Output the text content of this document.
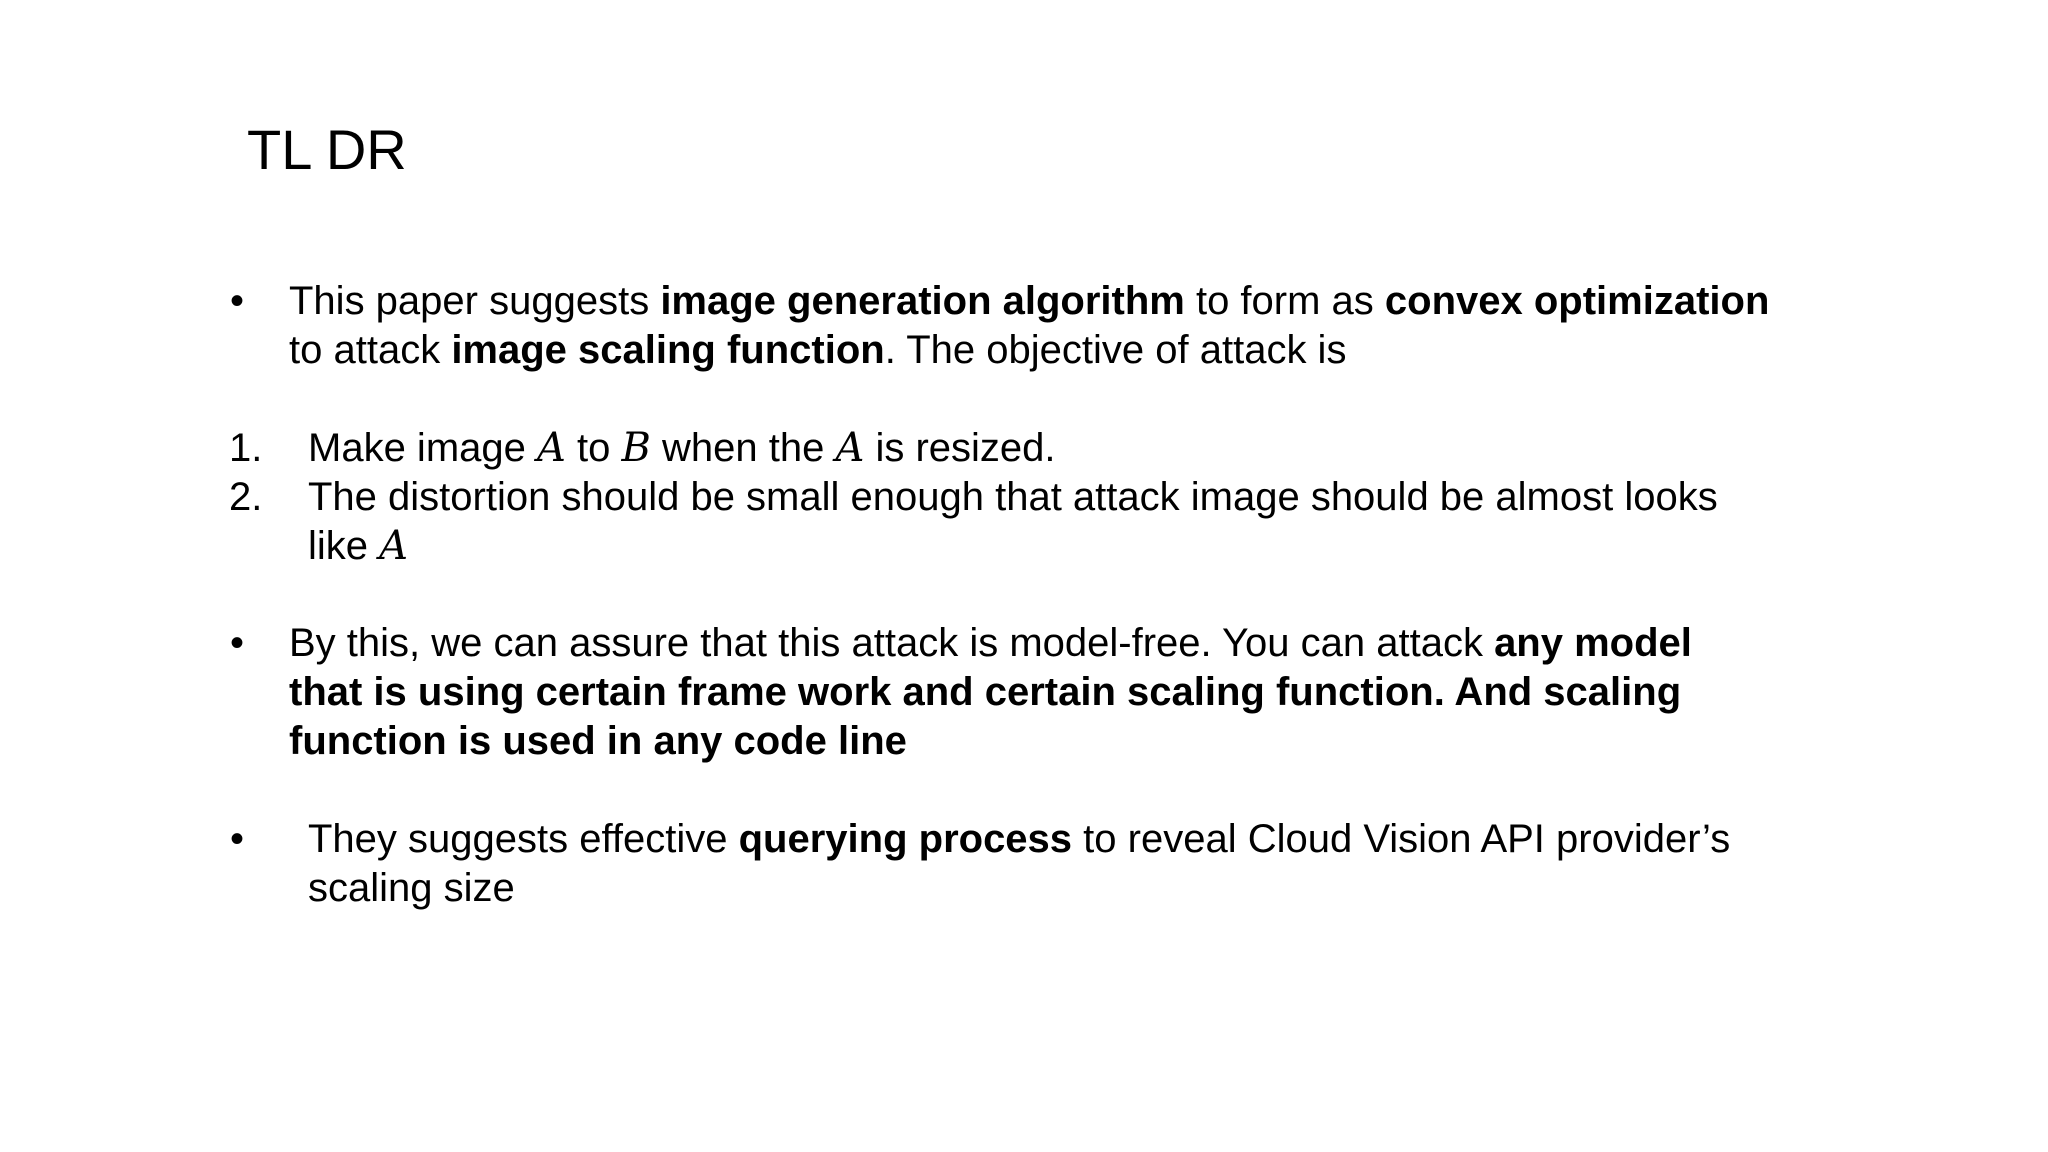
TL DR
• This paper suggests image generation algorithm to form as convex optimization
to attack image scaling function. The objective of attack is
1. Make image A to B when the A is resized.
2. The distortion should be small enough that attack image should be almost looks
like A
• By this, we can assure that this attack is model-free. You can attack any model
that is using certain frame work and certain scaling function. And scaling
function is used in any code line
• They suggests effective querying process to reveal Cloud Vision API provider’s
scaling size
